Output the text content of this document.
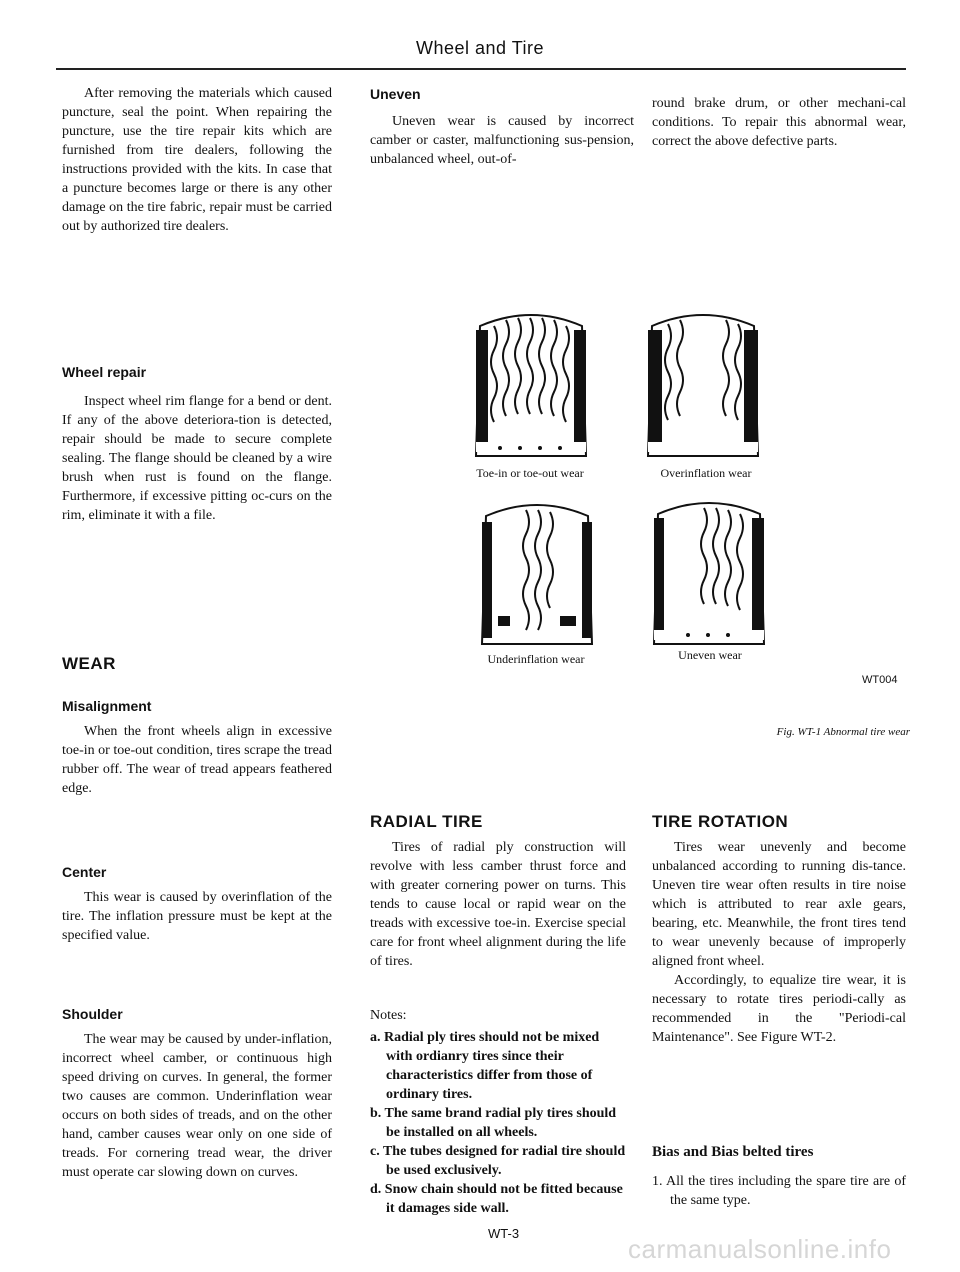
Wheel and Tire

After removing the materials which caused puncture, seal the point. When repairing the puncture, use the tire repair kits which are furnished from tire dealers, following the instructions provided with the kits. In case that a puncture becomes large or there is any other damage on the tire fabric, repair must be carried out by authorized tire dealers.

Wheel repair

Inspect wheel rim flange for a bend or dent. If any of the above deteriora-tion is detected, repair should be made to secure complete sealing. The flange should be cleaned by a wire brush when rust is found on the flange. Furthermore, if excessive pitting oc-curs on the rim, eliminate it with a file.

WEAR
Misalignment

When the front wheels align in excessive toe-in or toe-out condition, tires scrape the tread rubber off. The wear of tread appears feathered edge.

Center

This wear is caused by overinflation of the tire. The inflation pressure must be kept at the specified value.

Shoulder

The wear may be caused by under-inflation, incorrect wheel camber, or continuous high speed driving on curves. In general, the former two causes are common. Underinflation wear occurs on both sides of treads, and on the other hand, camber causes wear only on one side of treads. For cornering tread wear, the driver must operate car slowing down on curves.

Uneven

Uneven wear is caused by incorrect camber or caster, malfunctioning sus-pension, unbalanced wheel, out-of-

round brake drum, or other mechani-cal conditions. To repair this abnormal wear, correct the above defective parts.

Toe-in or toe-out wear	Overinflation wear
Underinflation wear	Uneven wear
WT004
Fig. WT-1 Abnormal tire wear
RADIAL TIRE

Tires of radial ply construction will revolve with less camber thrust force and with greater cornering power on turns. This tends to cause local or rapid wear on the treads with excessive toe-in. Exercise special care for front wheel alignment during the life of tires.

Notes:

a. Radial ply tires should not be mixed with ordianry tires since their characteristics differ from those of ordinary tires.

b. The same brand radial ply tires should be installed on all wheels.

c. The tubes designed for radial tire should be used exclusively.

d. Snow chain should not be fitted because it damages side wall.

TIRE ROTATION

Tires wear unevenly and become unbalanced according to running dis-tance. Uneven tire wear often results in tire noise which is attributed to rear axle gears, bearing, etc. Meanwhile, the front tires tend to wear unevenly because of improperly aligned front wheel.

Accordingly, to equalize tire wear, it is necessary to rotate tires periodi-cally as recommended in the "Periodi-cal Maintenance". See Figure WT-2.

Bias and Bias belted tires

1. All the tires including the spare tire are of the same type.

WT-3
carmanualsonline.info
